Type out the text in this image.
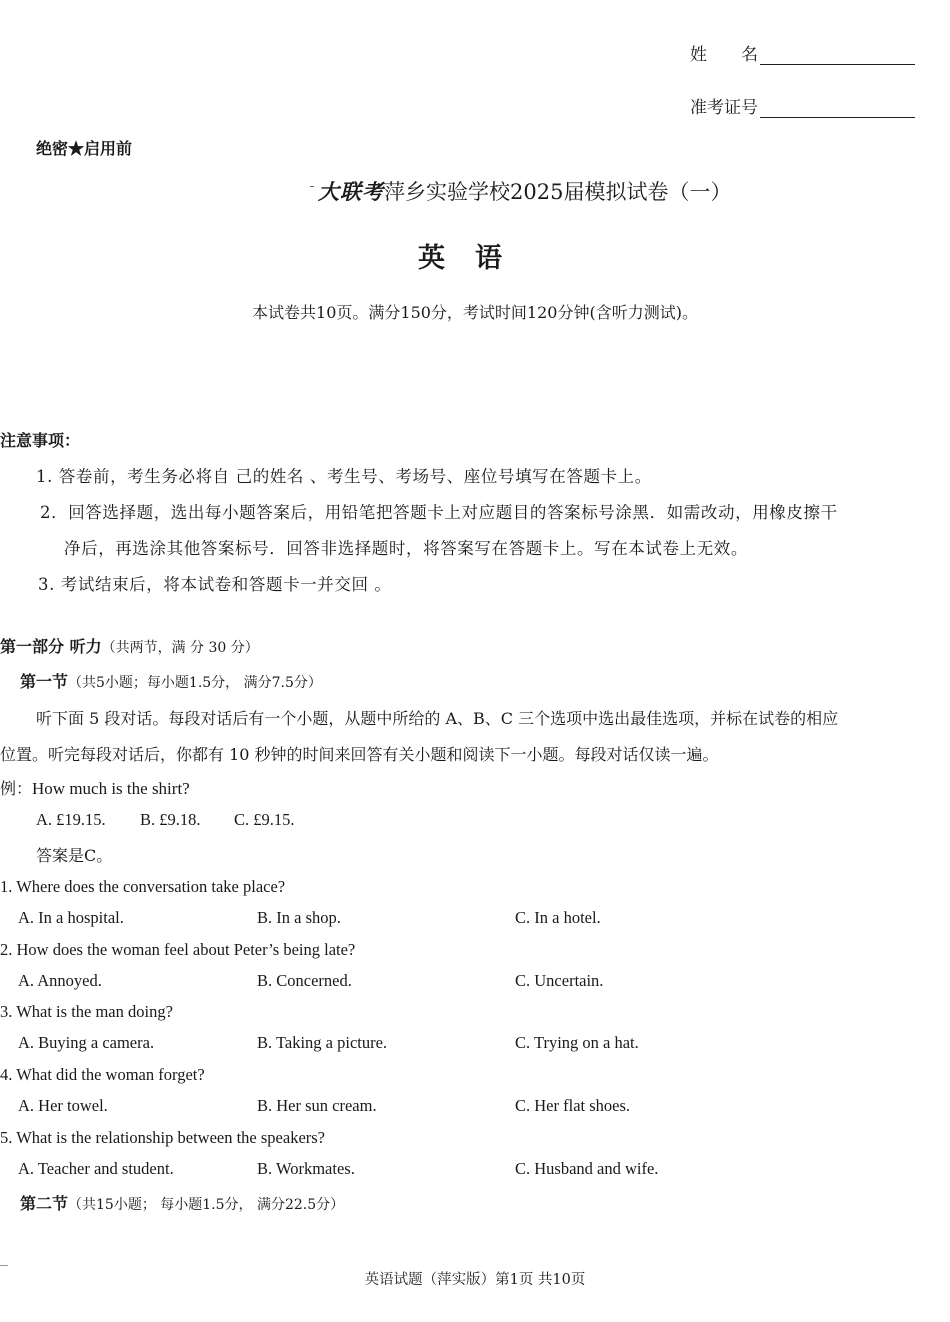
姓　　名
准考证号
绝密★启用前
大联考萍乡实验学校2025届模拟试卷（一）
英语
本试卷共10页。满分150分，考试时间120分钟(含听力测试)。
注意事项：
1. 答卷前，考生务必将自 己的姓名 、考生号、考场号、座位号填写在答题卡上。
2．回答选择题，选出每小题答案后，用铅笔把答题卡上对应题目的答案标号涂黑．如需改动，用橡皮擦干
净后，再选涂其他答案标号．回答非选择题时，将答案写在答题卡上。写在本试卷上无效。
3. 考试结束后，将本试卷和答题卡一并交回 。
第一部分 听力（共两节，满 分 30 分）
第一节（共5小题；每小题1.5分， 满分7.5分）
听下面 5 段对话。每段对话后有一个小题，从题中所给的 A、B、C 三个选项中选出最佳选项，并标在试卷的相应
位置。听完每段对话后，你都有 10 秒钟的时间来回答有关小题和阅读下一小题。每段对话仅读一遍。
例：How much is the shirt?
A. £19.15. B. £9.18. C. £9.15.
答案是C。
1. Where does the conversation take place?
A. In a hospital.	B. In a shop.	C. In a hotel.
2. How does the woman feel about Peter’s being late?
A. Annoyed.	B. Concerned.	C. Uncertain.
3. What is the man doing?
A. Buying a camera.	B. Taking a picture.	C. Trying on a hat.
4. What did the woman forget?
A. Her towel.	B. Her sun cream.	C. Her flat shoes.
5. What is the relationship between the speakers?
A. Teacher and student.	B. Workmates.	C. Husband and wife.
第二节（共15小题； 每小题1.5分， 满分22.5分）
英语试题（萍实版）第1页 共10页
